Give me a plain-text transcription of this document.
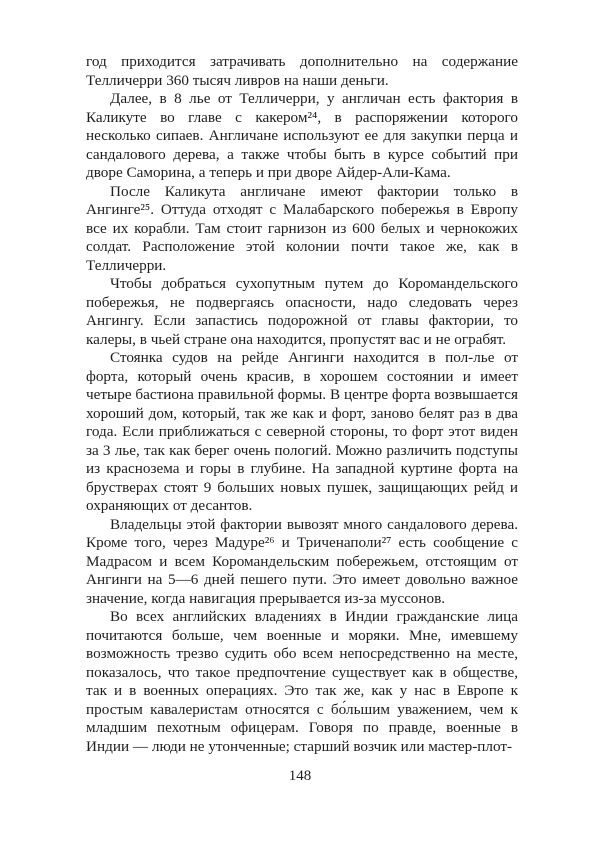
год приходится затрачивать дополнительно на содержание Телличерри 360 тысяч ливров на наши деньги.

Далее, в 8 лье от Телличерри, у англичан есть фактория в Каликуте во главе с какером²⁴, в распоряжении которого несколько сипаев. Англичане используют ее для закупки перца и сандалового дерева, а также чтобы быть в курсе событий при дворе Саморина, а теперь и при дворе Айдер-Али-Кама.

После Каликута англичане имеют фактории только в Ангинге²⁵. Оттуда отходят с Малабарского побережья в Европу все их корабли. Там стоит гарнизон из 600 белых и чернокожих солдат. Расположение этой колонии почти такое же, как в Телличерри.

Чтобы добраться сухопутным путем до Коромандельского побережья, не подвергаясь опасности, надо следовать через Ангингу. Если запастись подорожной от главы фактории, то калеры, в чьей стране она находится, пропустят вас и не ограбят.

Стоянка судов на рейде Ангинги находится в пол-лье от форта, который очень красив, в хорошем состоянии и имеет четыре бастиона правильной формы. В центре форта возвышается хороший дом, который, так же как и форт, заново белят раз в два года. Если приближаться с северной стороны, то форт этот виден за 3 лье, так как берег очень пологий. Можно различить подступы из краснозема и горы в глубине. На западной куртине форта на брустверах стоят 9 больших новых пушек, защищающих рейд и охраняющих от десантов.

Владельцы этой фактории вывозят много сандалового дерева. Кроме того, через Мадуре²⁶ и Триченаполи²⁷ есть сообщение с Мадрасом и всем Коромандельским побережьем, отстоящим от Ангинги на 5—6 дней пешего пути. Это имеет довольно важное значение, когда навигация прерывается из-за муссонов.

Во всех английских владениях в Индии гражданские лица почитаются больше, чем военные и моряки. Мне, имевшему возможность трезво судить обо всем непосредственно на месте, показалось, что такое предпочтение существует как в обществе, так и в военных операциях. Это так же, как у нас в Европе к простым кавалеристам относятся с бо́льшим уважением, чем к младшим пехотным офицерам. Говоря по правде, военные в Индии — люди не утонченные; старший возчик или мастер-плот-

148
